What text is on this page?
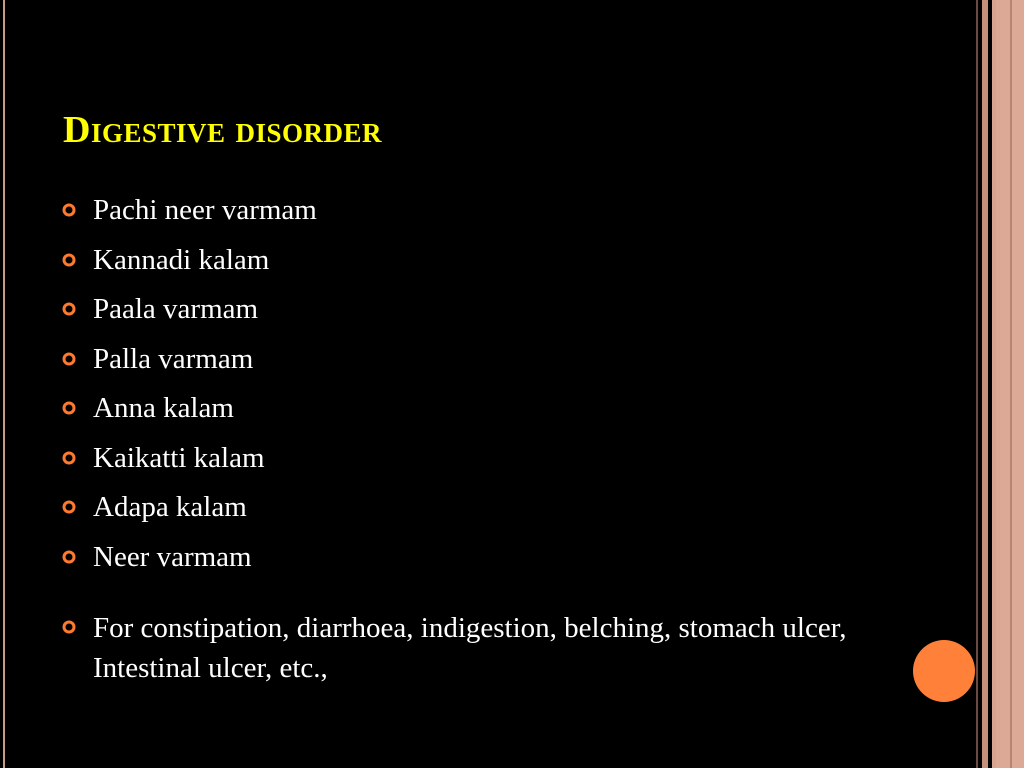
Digestive disorder
Pachi neer varmam
Kannadi kalam
Paala varmam
Palla varmam
Anna kalam
Kaikatti kalam
Adapa kalam
Neer varmam
For constipation, diarrhoea, indigestion, belching, stomach ulcer, Intestinal ulcer, etc.,
